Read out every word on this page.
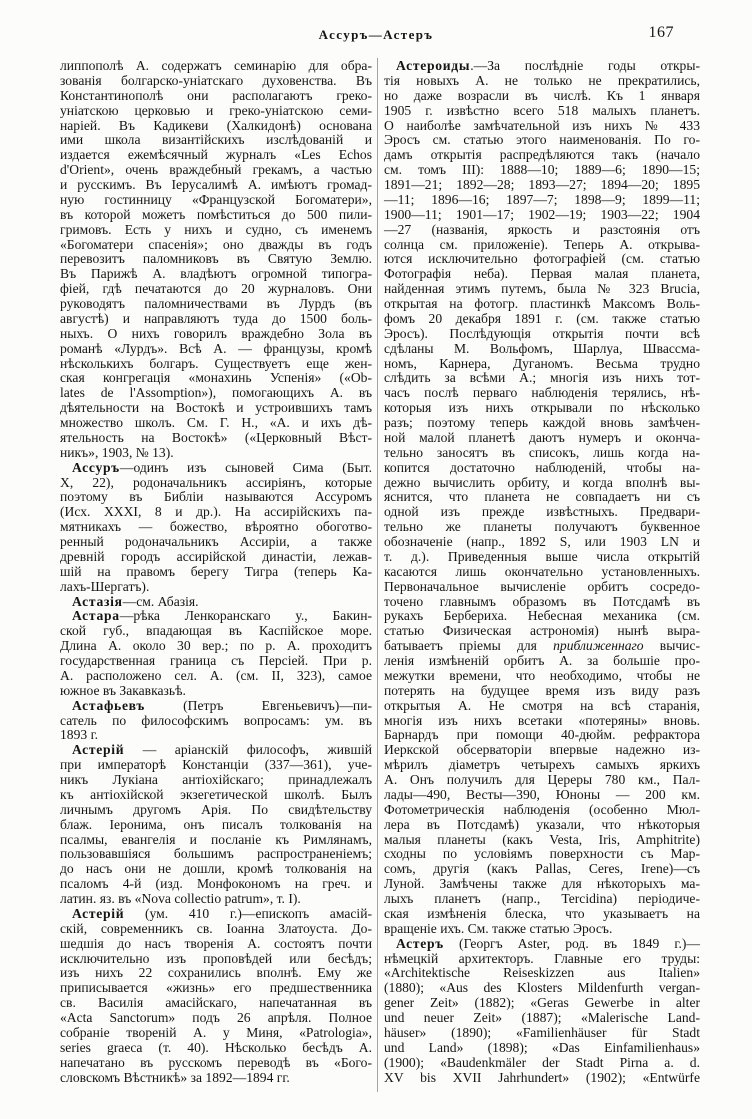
Ассуръ—Астеръ	167
липпополѣ А. содержатъ семинарію для обра-
зованія болгарско-уніатскаго духовенства. Въ
Константинополѣ они располагаютъ греко-
уніатскою церковью и греко-уніатскою семи-
наріей. Въ Кадикеви (Халкидонѣ) основана
ими школа византійскихъ изслѣдованій и
издается ежемѣсячный журналъ «Les Echos
d'Orient», очень враждебный грекамъ, а частью
и русскимъ. Въ Іерусалимѣ А. имѣютъ громад-
ную гостинницу «Французской Богоматери»,
въ которой можетъ помѣститься до 500 пили-
гримовъ. Есть у нихъ и судно, съ именемъ
«Богоматери спасенія»; оно дважды въ годъ
перевозитъ паломниковъ въ Святую Землю.
Въ Парижѣ А. владѣютъ огромной типогра-
фіей, гдѣ печатаются до 20 журналовъ. Они
руководятъ паломничествами въ Лурдъ (въ
августѣ) и направляютъ туда до 1500 боль-
ныхъ. О нихъ говорилъ враждебно Зола въ
романѣ «Лурдъ». Всѣ А. — французы, кромѣ
нѣсколькихъ болгаръ. Существуетъ еще жен-
ская конгрегація «монахинь Успенія» («Ob-
lates de l'Assomption»), помогающихъ А. въ
дѣятельности на Востокѣ и устроившихъ тамъ
множество школъ. См. Г. Н., «А. и ихъ дѣ-
ятельность на Востокѣ» («Церковный Вѣст-
никъ», 1903, № 13).
Ассуръ—одинъ изъ сыновей Сима (Быт.
X, 22), родоначальникъ ассиріянъ, которые
поэтому въ Библіи называются Ассуромъ
(Исх. XXXI, 8 и др.). На ассирійскихъ па-
мятникахъ — божество, вѣроятно обоготво-
ренный родоначальникъ Ассиріи, а также
древній городъ ассирійской династіи, лежав-
шій на правомъ берегу Тигра (теперь Ка-
лахъ-Шергатъ).
Астазія—см. Абазія.
Астара—рѣка Ленкоранскаго у., Бакин-
ской губ., впадающая въ Каспійское море.
Длина А. около 30 вер.; по р. А. проходитъ
государственная граница съ Персіей. При р.
А. расположено сел. А. (см. II, 323), самое
южное въ Закавказьѣ.
Астафьевъ (Петръ Евгеньевичъ)—пи-
сатель по философскимъ вопросамъ: ум. въ
1893 г.
Астерій — аріанскій философъ, жившій
при императорѣ Констанціи (337—361), уче-
никъ Лукіана антіохійскаго; принадлежалъ
къ антіохійской экзегетической школѣ. Былъ
личнымъ другомъ Арія. По свидѣтельству
блаж. Іеронима, онъ писалъ толкованія на
псалмы, евангелія и посланіе къ Римлянамъ,
пользовавшіяся большимъ распространеніемъ;
до насъ они не дошли, кромѣ толкованія на
псаломъ 4-й (изд. Монфокономъ на греч. и
латин. яз. въ «Nova collectio patrum», т. I).
Астерій (ум. 410 г.)—епископъ амасій-
скій, современникъ св. Іоанна Златоуста. До-
шедшія до насъ творенія А. состоятъ почти
исключительно изъ проповѣдей или бесѣдъ;
изъ нихъ 22 сохранились вполнѣ. Ему же
приписывается «жизнь» его предшественника
св. Василія амасійскаго, напечатанная въ
«Acta Sanctorum» подъ 26 апрѣля. Полное
собраніе твореній А. у Миня, «Patrologia»,
series graeca (т. 40). Нѣсколько бесѣдъ А.
напечатано въ русскомъ переводѣ въ «Бого-
словскомъ Вѣстникѣ» за 1892—1894 гг.
Астероиды.—За послѣдніе годы откры-
тія новыхъ А. не только не прекратились,
но даже возрасли въ числѣ. Къ 1 января
1905 г. извѣстно всего 518 малыхъ планетъ.
О наиболѣе замѣчательной изъ нихъ № 433
Эросъ см. статью этого наименованія. По го-
дамъ открытія распредѣляются такъ (начало
см. томъ III): 1888—10; 1889—6; 1890—15;
1891—21; 1892—28; 1893—27; 1894—20; 1895
—11; 1896—16; 1897—7; 1898—9; 1899—11;
1900—11; 1901—17; 1902—19; 1903—22; 1904
—27 (названія, яркость и разстоянія отъ
солнца см. приложеніе). Теперь А. открыва-
ются исключительно фотографіей (см. статью
Фотографія неба). Первая малая планета,
найденная этимъ путемъ, была № 323 Brucia,
открытая на фотогр. пластинкѣ Максомъ Воль-
фомъ 20 декабря 1891 г. (см. также статью
Эросъ). Послѣдующія открытія почти всѣ
сдѣланы М. Вольфомъ, Шарлуа, Швассма-
номъ, Карнера, Дуганомъ. Весьма трудно
слѣдить за всѣми А.; многія изъ нихъ тот-
часъ послѣ перваго наблюденія терялись, нѣ-
которыя изъ нихъ открывали по нѣсколько
разъ; поэтому теперь каждой вновь замѣчен-
ной малой планетѣ даютъ нумеръ и оконча-
тельно заносятъ въ списокъ, лишь когда на-
копится достаточно наблюденій, чтобы на-
дежно вычислить орбиту, и когда вполнѣ вы-
яснится, что планета не совпадаетъ ни съ
одной изъ прежде извѣстныхъ. Предвари-
тельно же планеты получаютъ буквенное
обозначеніе (напр., 1892 S, или 1903 LN и
т. д.). Приведенныя выше числа открытій
касаются лишь окончательно установленныхъ.
Первоначальное вычисленіе орбитъ сосредо-
точено главнымъ образомъ въ Потсдамѣ въ
рукахъ Бербериха. Небесная механика (см.
статью Физическая астрономія) нынѣ выра-
батываетъ пріемы для приближеннаго вычис-
ленія измѣненій орбитъ А. за большіе про-
межутки времени, что необходимо, чтобы не
потерять на будущее время изъ виду разъ
открытыя А. Не смотря на всѣ старанія,
многія изъ нихъ всетаки «потеряны» вновь.
Барнардъ при помощи 40-дюйм. рефрактора
Иеркской обсерваторіи впервые надежно из-
мѣрилъ діаметръ четырехъ самыхъ яркихъ
А. Онъ получилъ для Цереры 780 км., Пал-
лады—490, Весты—390, Юноны — 200 км.
Фотометрическія наблюденія (особенно Мюл-
лера въ Потсдамѣ) указали, что нѣкоторыя
малыя планеты (какъ Vesta, Iris, Amphitrite)
сходны по условіямъ поверхности съ Мар-
сомъ, другія (какъ Pallas, Ceres, Irene)—съ
Луной. Замѣчены также для нѣкоторыхъ ма-
лыхъ планетъ (напр., Tercidina) періодиче-
ская измѣненія блеска, что указываетъ на
вращеніе ихъ. См. также статью Эросъ.
Астеръ (Георгъ Aster, род. въ 1849 г.)—
нѣмецкій архитекторъ. Главные его труды:
«Architektische Reiseskizzen aus Italien»
(1880); «Aus des Klosters Mildenfurth vergan-
gener Zeit» (1882); «Geras Gewerbe in alter
und neuer Zeit» (1887); «Malerische Land-
häuser» (1890); «Familienhäuser für Stadt
und Land» (1898); «Das Einfamilienhaus»
(1900); «Baudenkmäler der Stadt Pirna a. d.
XV bis XVII Jahrhundert» (1902); «Entwürfe
